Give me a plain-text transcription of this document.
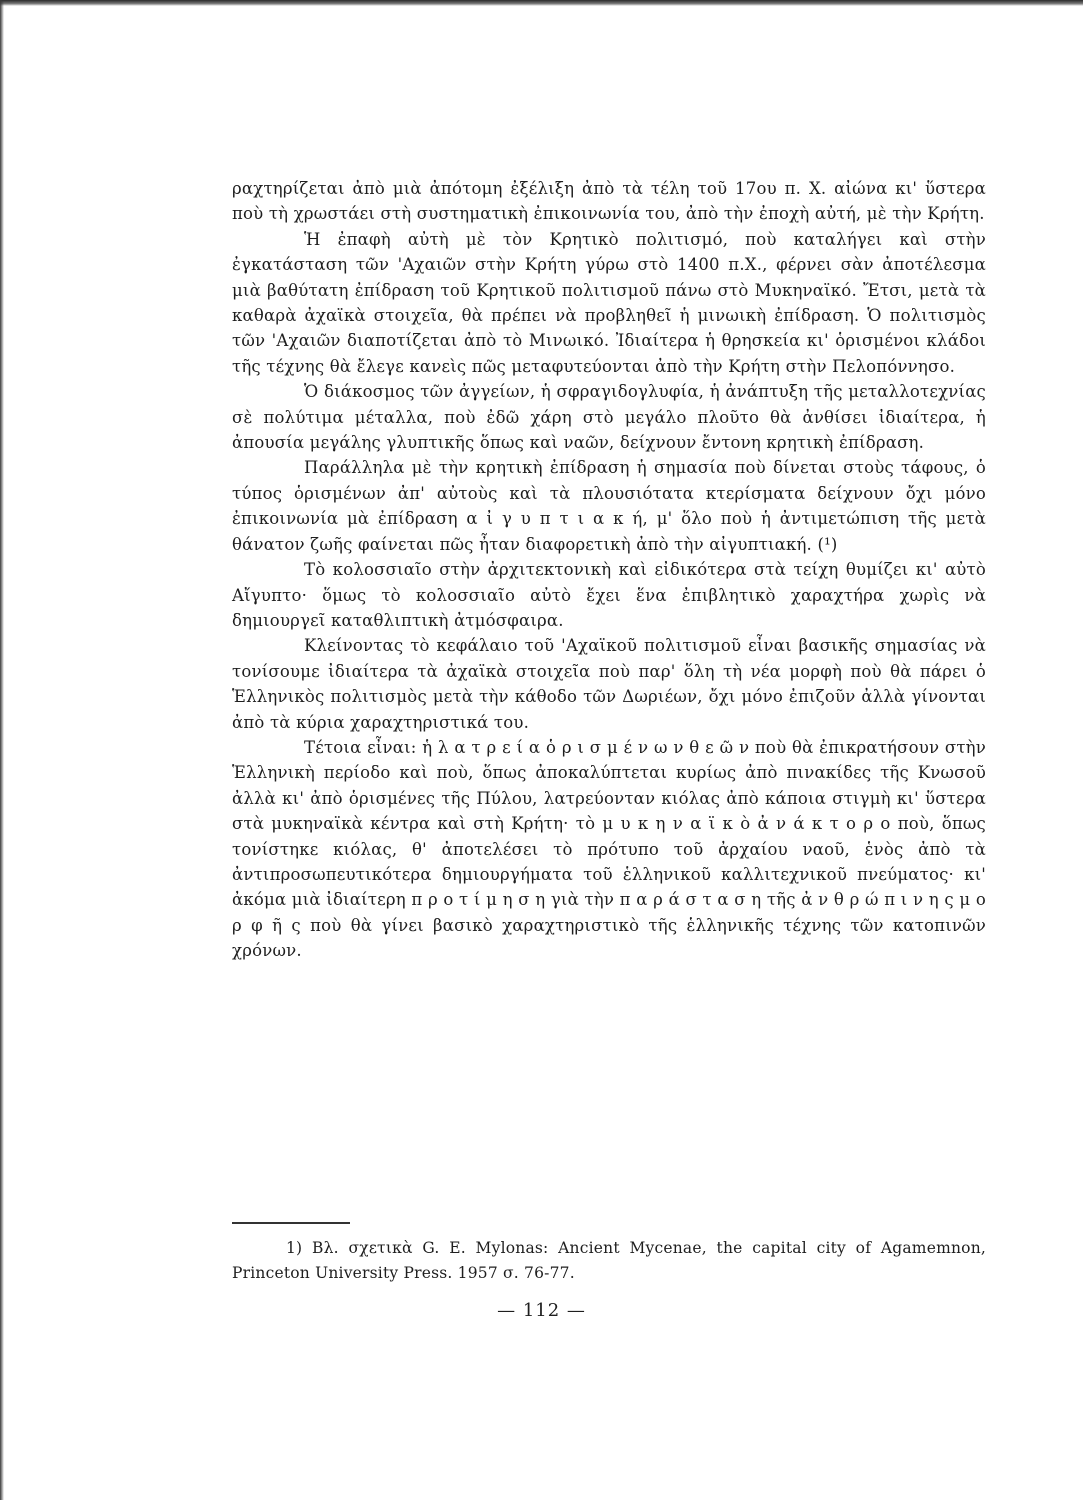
ραχτηρίζεται ἀπὸ μιὰ ἀπότομη ἐξέλιξη ἀπὸ τὰ τέλη τοῦ 17ου π. Χ. αἰώνα κι' ὕστερα ποὺ τὴ χρωστάει στὴ συστηματικὴ ἐπικοινωνία του, ἀπὸ τὴν ἐποχὴ αὐτή, μὲ τὴν Κρήτη.

Ἡ ἐπαφὴ αὐτὴ μὲ τὸν Κρητικὸ πολιτισμό, ποὺ καταλήγει καὶ στὴν ἐγκατάσταση τῶν 'Αχαιῶν στὴν Κρήτη γύρω στὸ 1400 π.Χ., φέρνει σὰν ἀποτέλεσμα μιὰ βαθύτατη ἐπίδραση τοῦ Κρητικοῦ πολιτισμοῦ πάνω στὸ Μυκηναϊκό. Ἔτσι, μετὰ τὰ καθαρὰ ἀχαϊκὰ στοιχεῖα, θὰ πρέπει νὰ προβληθεῖ ἡ μινωικὴ ἐπίδραση. Ὁ πολιτισμὸς τῶν 'Αχαιῶν διαποτίζεται ἀπὸ τὸ Μινωικό. Ἰδιαίτερα ἡ θρησκεία κι' ὁρισμένοι κλάδοι τῆς τέχνης θὰ ἔλεγε κανεὶς πῶς μεταφυτεύονται ἀπὸ τὴν Κρήτη στὴν Πελοπόννησο.

Ὁ διάκοσμος τῶν ἀγγείων, ἡ σφραγιδογλυφία, ἡ ἀνάπτυξη τῆς μεταλλοτεχνίας σὲ πολύτιμα μέταλλα, ποὺ ἐδῶ χάρη στὸ μεγάλο πλοῦτο θὰ ἀνθίσει ἰδιαίτερα, ἡ ἀπουσία μεγάλης γλυπτικῆς ὅπως καὶ ναῶν, δείχνουν ἔντονη κρητικὴ ἐπίδραση.

Παράλληλα μὲ τὴν κρητικὴ ἐπίδραση ἡ σημασία ποὺ δίνεται στοὺς τάφους, ὁ τύπος ὁρισμένων ἀπ' αὐτοὺς καὶ τὰ πλουσιότατα κτερίσματα δείχνουν ὄχι μόνο ἐπικοινωνία μὰ ἐπίδραση α ἰ γ υ π τ ι α κ ή, μ' ὅλο ποὺ ἡ ἀντιμετώπιση τῆς μετὰ θάνατον ζωῆς φαίνεται πῶς ἦταν διαφορετικὴ ἀπὸ τὴν αἰγυπτιακή. (¹)

Τὸ κολοσσιαῖο στὴν ἀρχιτεκτονικὴ καὶ εἰδικότερα στὰ τείχη θυμίζει κι' αὐτὸ Αἴγυπτο· ὅμως τὸ κολοσσιαῖο αὐτὸ ἔχει ἕνα ἐπιβλητικὸ χαραχτήρα χωρὶς νὰ δημιουργεῖ καταθλιπτικὴ ἀτμόσφαιρα.

Κλείνοντας τὸ κεφάλαιο τοῦ 'Αχαϊκοῦ πολιτισμοῦ εἶναι βασικῆς σημασίας νὰ τονίσουμε ἰδιαίτερα τὰ ἀχαϊκὰ στοιχεῖα ποὺ παρ' ὅλη τὴ νέα μορφὴ ποὺ θὰ πάρει ὁ Ἑλληνικὸς πολιτισμὸς μετὰ τὴν κάθοδο τῶν Δωριέων, ὄχι μόνο ἐπιζοῦν ἀλλὰ γίνονται ἀπὸ τὰ κύρια χαραχτηριστικά του.

Τέτοια εἶναι: ἡ λ α τ ρ ε ί α ὁ ρ ι σ μ έ ν ω ν θ ε ῶ ν ποὺ θὰ ἐπικρατήσουν στὴν Ἑλληνικὴ περίοδο καὶ ποὺ, ὅπως ἀποκαλύπτεται κυρίως ἀπὸ πινακίδες τῆς Κνωσοῦ ἀλλὰ κι' ἀπὸ ὁρισμένες τῆς Πύλου, λατρεύονταν κιόλας ἀπὸ κάποια στιγμὴ κι' ὕστερα στὰ μυκηναϊκὰ κέντρα καὶ στὴ Κρήτη· τὸ μ υ κ η ν α ϊ κ ὸ ἀ ν ά κ τ ο ρ ο ποὺ, ὅπως τονίστηκε κιόλας, θ' ἀποτελέσει τὸ πρότυπο τοῦ ἀρχαίου ναοῦ, ἑνὸς ἀπὸ τὰ ἀντιπροσωπευτικότερα δημιουργήματα τοῦ ἑλληνικοῦ καλλιτεχνικοῦ πνεύματος· κι' ἀκόμα μιὰ ἰδιαίτερη π ρ ο τ ί μ η σ η γιὰ τὴν π α ρ ά σ τ α σ η τῆς ἀ ν θ ρ ώ π ι ν η ς μ ο ρ φ ῆ ς ποὺ θὰ γίνει βασικὸ χαραχτηριστικὸ τῆς ἑλληνικῆς τέχνης τῶν κατοπινῶν χρόνων.

1) Βλ. σχετικὰ G. E. Mylonas: Ancient Mycenae, the capital city of Agamemnon, Princeton University Press. 1957 σ. 76-77.

— 112 —
